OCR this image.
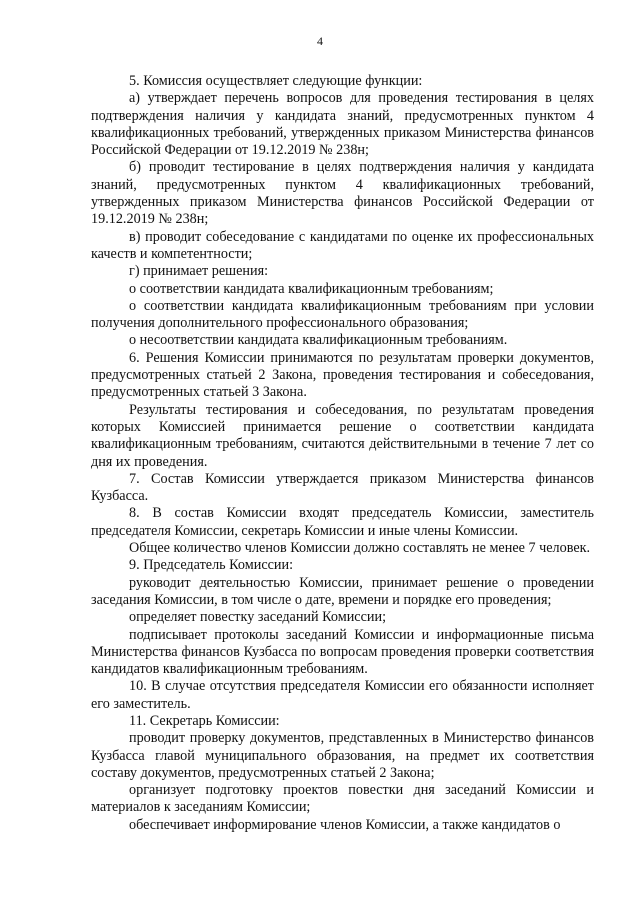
4

5. Комиссия осуществляет следующие функции:

а) утверждает перечень вопросов для проведения тестирования в целях подтверждения наличия у кандидата знаний, предусмотренных пунктом 4 квалификационных требований, утвержденных приказом Министерства финансов Российской Федерации от 19.12.2019 № 238н;

б) проводит тестирование в целях подтверждения наличия у кандидата знаний, предусмотренных пунктом 4 квалификационных требований, утвержденных приказом Министерства финансов Российской Федерации от 19.12.2019 № 238н;

в) проводит собеседование с кандидатами по оценке их профессиональных качеств и компетентности;

г) принимает решения:

о соответствии кандидата квалификационным требованиям;

о соответствии кандидата квалификационным требованиям при условии получения дополнительного профессионального образования;

о несоответствии кандидата квалификационным требованиям.

6. Решения Комиссии принимаются по результатам проверки документов, предусмотренных статьей 2 Закона, проведения тестирования и собеседования, предусмотренных статьей 3 Закона.

Результаты тестирования и собеседования, по результатам проведения которых Комиссией принимается решение о соответствии кандидата квалификационным требованиям, считаются действительными в течение 7 лет со дня их проведения.

7. Состав Комиссии утверждается приказом Министерства финансов Кузбасса.

8. В состав Комиссии входят председатель Комиссии, заместитель председателя Комиссии, секретарь Комиссии и иные члены Комиссии.

Общее количество членов Комиссии должно составлять не менее 7 человек.

9. Председатель Комиссии:

руководит деятельностью Комиссии, принимает решение о проведении заседания Комиссии, в том числе о дате, времени и порядке его проведения;

определяет повестку заседаний Комиссии;

подписывает протоколы заседаний Комиссии и информационные письма Министерства финансов Кузбасса по вопросам проведения проверки соответствия кандидатов квалификационным требованиям.

10. В случае отсутствия председателя Комиссии его обязанности исполняет его заместитель.

11. Секретарь Комиссии:

проводит проверку документов, представленных в Министерство финансов Кузбасса главой муниципального образования, на предмет их соответствия составу документов, предусмотренных статьей 2 Закона;

организует подготовку проектов повестки дня заседаний Комиссии и материалов к заседаниям Комиссии;

обеспечивает информирование членов Комиссии, а также кандидатов о
